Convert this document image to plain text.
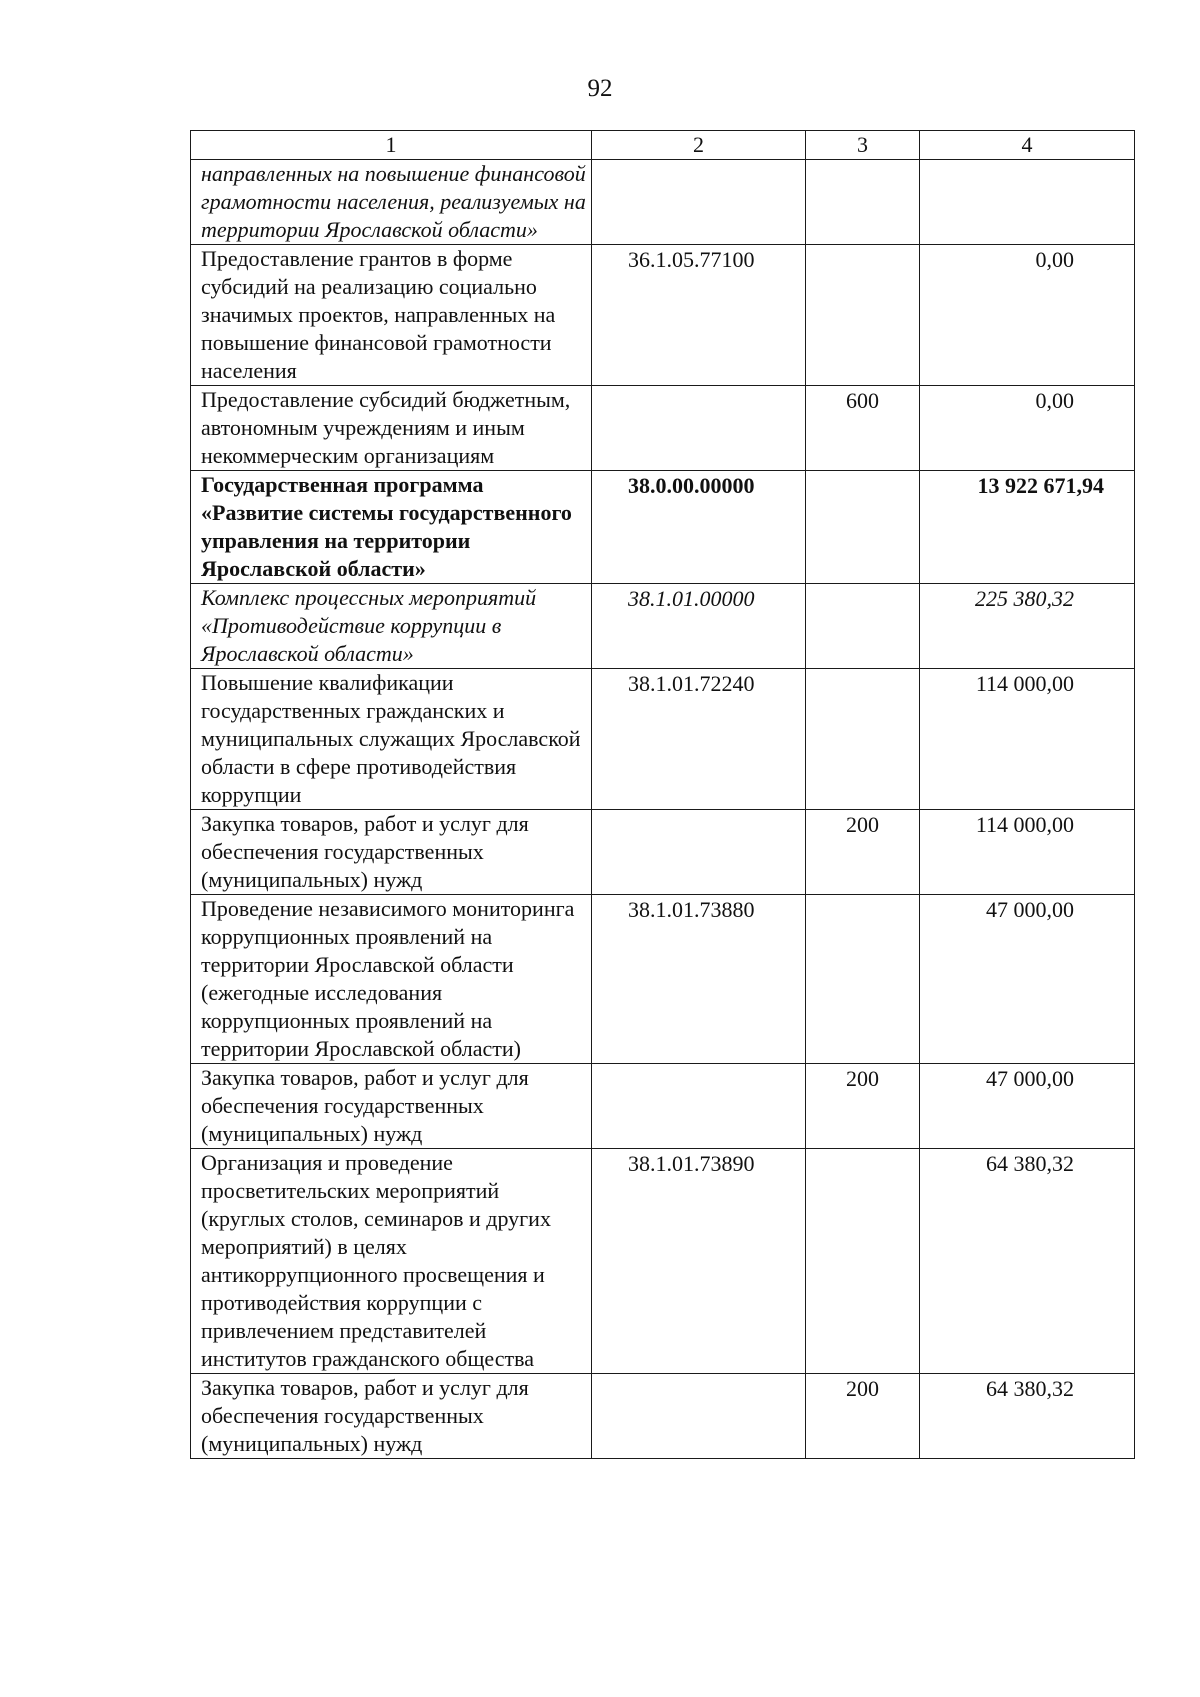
92
1	2	3	4
направленных на повышение финансовой грамотности населения, реализуемых на территории Ярославской области»			
Предоставление грантов в форме субсидий на реализацию социально значимых проектов, направленных на повышение финансовой грамотности населения	36.1.05.77100		0,00
Предоставление субсидий бюджетным, автономным учреждениям и иным некоммерческим организациям		600	0,00
Государственная программа «Развитие системы государственного управления на территории Ярославской области»	38.0.00.00000		13 922 671,94
Комплекс процессных мероприятий «Противодействие коррупции в Ярославской области»	38.1.01.00000		225 380,32
Повышение квалификации государственных гражданских и муниципальных служащих Ярославской области в сфере противодействия коррупции	38.1.01.72240		114 000,00
Закупка товаров, работ и услуг для обеспечения государственных (муниципальных) нужд		200	114 000,00
Проведение независимого мониторинга коррупционных проявлений на территории Ярославской области (ежегодные исследования коррупционных проявлений на территории Ярославской области)	38.1.01.73880		47 000,00
Закупка товаров, работ и услуг для обеспечения государственных (муниципальных) нужд		200	47 000,00
Организация и проведение просветительских мероприятий (круглых столов, семинаров и других мероприятий) в целях антикоррупционного просвещения и противодействия коррупции с привлечением представителей институтов гражданского общества	38.1.01.73890		64 380,32
Закупка товаров, работ и услуг для обеспечения государственных (муниципальных) нужд		200	64 380,32
